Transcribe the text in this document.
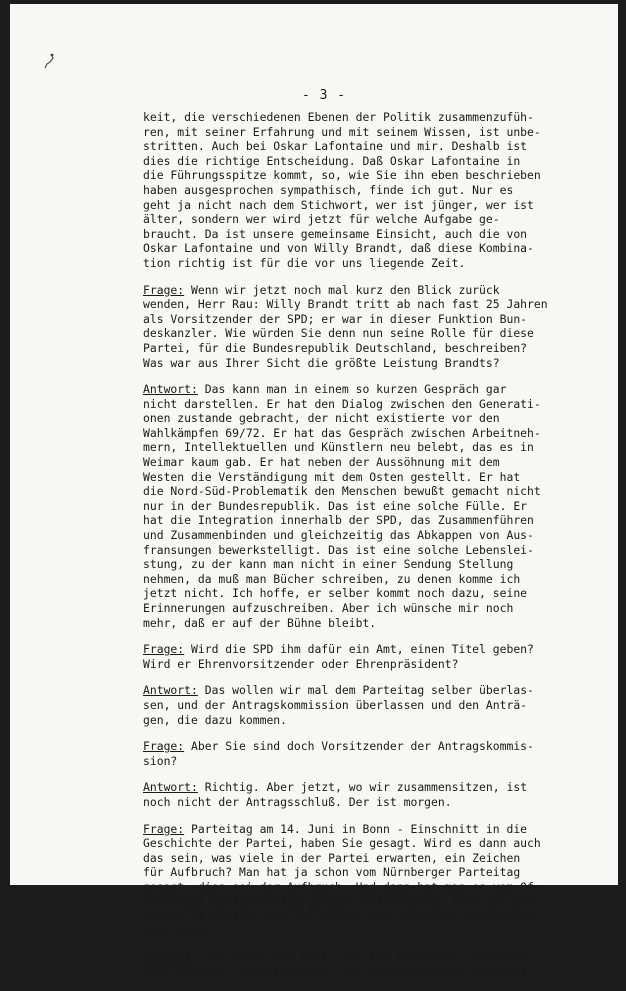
- 3 -
keit, die verschiedenen Ebenen der Politik zusammenzufüh-
ren, mit seiner Erfahrung und mit seinem Wissen, ist unbe-
stritten. Auch bei Oskar Lafontaine und mir. Deshalb ist
dies die richtige Entscheidung. Daß Oskar Lafontaine in
die Führungsspitze kommt, so, wie Sie ihn eben beschrieben
haben ausgesprochen sympathisch, finde ich gut. Nur es
geht ja nicht nach dem Stichwort, wer ist jünger, wer ist
älter, sondern wer wird jetzt für welche Aufgabe ge-
braucht. Da ist unsere gemeinsame Einsicht, auch die von
Oskar Lafontaine und von Willy Brandt, daß diese Kombina-
tion richtig ist für die vor uns liegende Zeit.
Frage: Wenn wir jetzt noch mal kurz den Blick zurück
wenden, Herr Rau: Willy Brandt tritt ab nach fast 25 Jahren
als Vorsitzender der SPD; er war in dieser Funktion Bun-
deskanzler. Wie würden Sie denn nun seine Rolle für diese
Partei, für die Bundesrepublik Deutschland, beschreiben?
Was war aus Ihrer Sicht die größte Leistung Brandts?
Antwort: Das kann man in einem so kurzen Gespräch gar
nicht darstellen. Er hat den Dialog zwischen den Generati-
onen zustande gebracht, der nicht existierte vor den
Wahlkämpfen 69/72. Er hat das Gespräch zwischen Arbeitneh-
mern, Intellektuellen und Künstlern neu belebt, das es in
Weimar kaum gab. Er hat neben der Aussöhnung mit dem
Westen die Verständigung mit dem Osten gestellt. Er hat
die Nord-Süd-Problematik den Menschen bewußt gemacht nicht
nur in der Bundesrepublik. Das ist eine solche Fülle. Er
hat die Integration innerhalb der SPD, das Zusammenführen
und Zusammenbinden und gleichzeitig das Abkappen von Aus-
fransungen bewerkstelligt. Das ist eine solche Lebenslei-
stung, zu der kann man nicht in einer Sendung Stellung
nehmen, da muß man Bücher schreiben, zu denen komme ich
jetzt nicht. Ich hoffe, er selber kommt noch dazu, seine
Erinnerungen aufzuschreiben. Aber ich wünsche mir noch
mehr, daß er auf der Bühne bleibt.
Frage: Wird die SPD ihm dafür ein Amt, einen Titel geben?
Wird er Ehrenvorsitzender oder Ehrenpräsident?
Antwort: Das wollen wir mal dem Parteitag selber überlas-
sen, und der Antragskommission überlassen und den Anträ-
gen, die dazu kommen.
Frage: Aber Sie sind doch Vorsitzender der Antragskommis-
sion?
Antwort: Richtig. Aber jetzt, wo wir zusammensitzen, ist
noch nicht der Antragsschluß. Der ist morgen.
Frage: Parteitag am 14. Juni in Bonn - Einschnitt in die
Geschichte der Partei, haben Sie gesagt. Wird es dann auch
das sein, was viele in der Partei erwarten, ein Zeichen
für Aufbruch? Man hat ja schon vom Nürnberger Parteitag
gesagt, dies sei der Aufbruch. Und dann hat man es vom Of-
fenburger Wahlparteitag gesagt. Jetzt hoffen alle auf den
Bonner Parteitag, daß das wieder ein Parteitag des Aufbru-
ches wird.
Antwort: Ich hoffe das auch. Ich bin überzeugt, daß Nürn-
berg das war. Lediglich das, was in Nürnberg an Proviant
